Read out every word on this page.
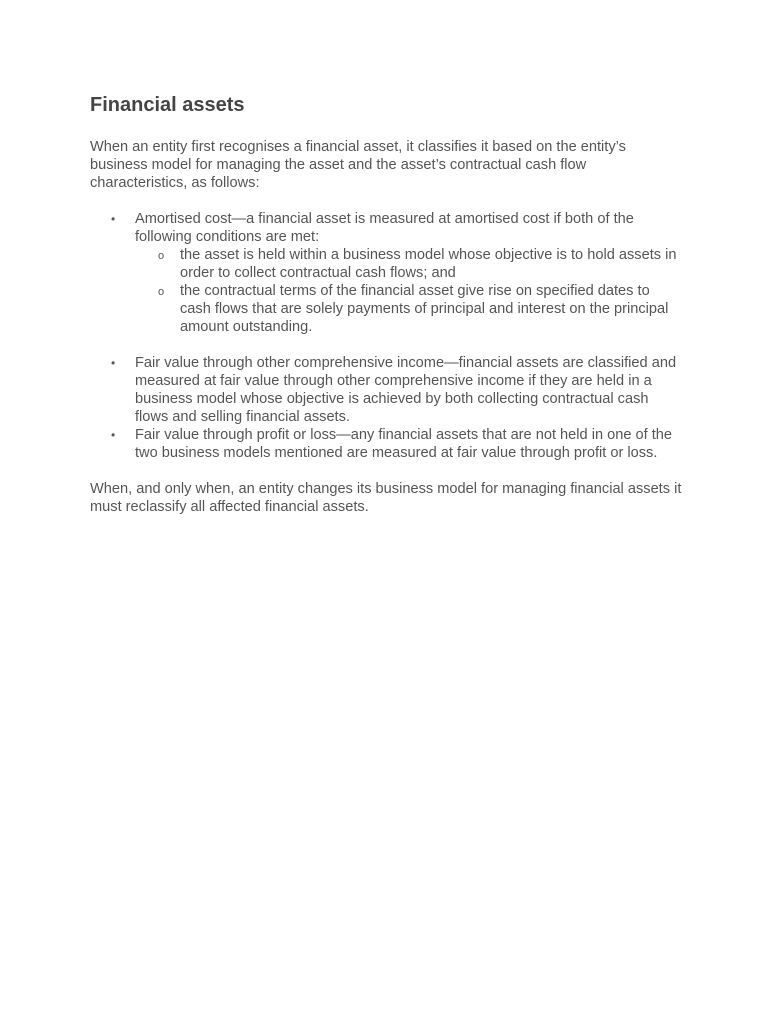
Financial assets

When an entity first recognises a financial asset, it classifies it based on the entity’s business model for managing the asset and the asset’s contractual cash flow characteristics, as follows:

• Amortised cost—a financial asset is measured at amortised cost if both of the following conditions are met:
o the asset is held within a business model whose objective is to hold assets in order to collect contractual cash flows; and
o the contractual terms of the financial asset give rise on specified dates to cash flows that are solely payments of principal and interest on the principal amount outstanding.
• Fair value through other comprehensive income—financial assets are classified and measured at fair value through other comprehensive income if they are held in a business model whose objective is achieved by both collecting contractual cash flows and selling financial assets.
• Fair value through profit or loss—any financial assets that are not held in one of the two business models mentioned are measured at fair value through profit or loss.

When, and only when, an entity changes its business model for managing financial assets it must reclassify all affected financial assets.
